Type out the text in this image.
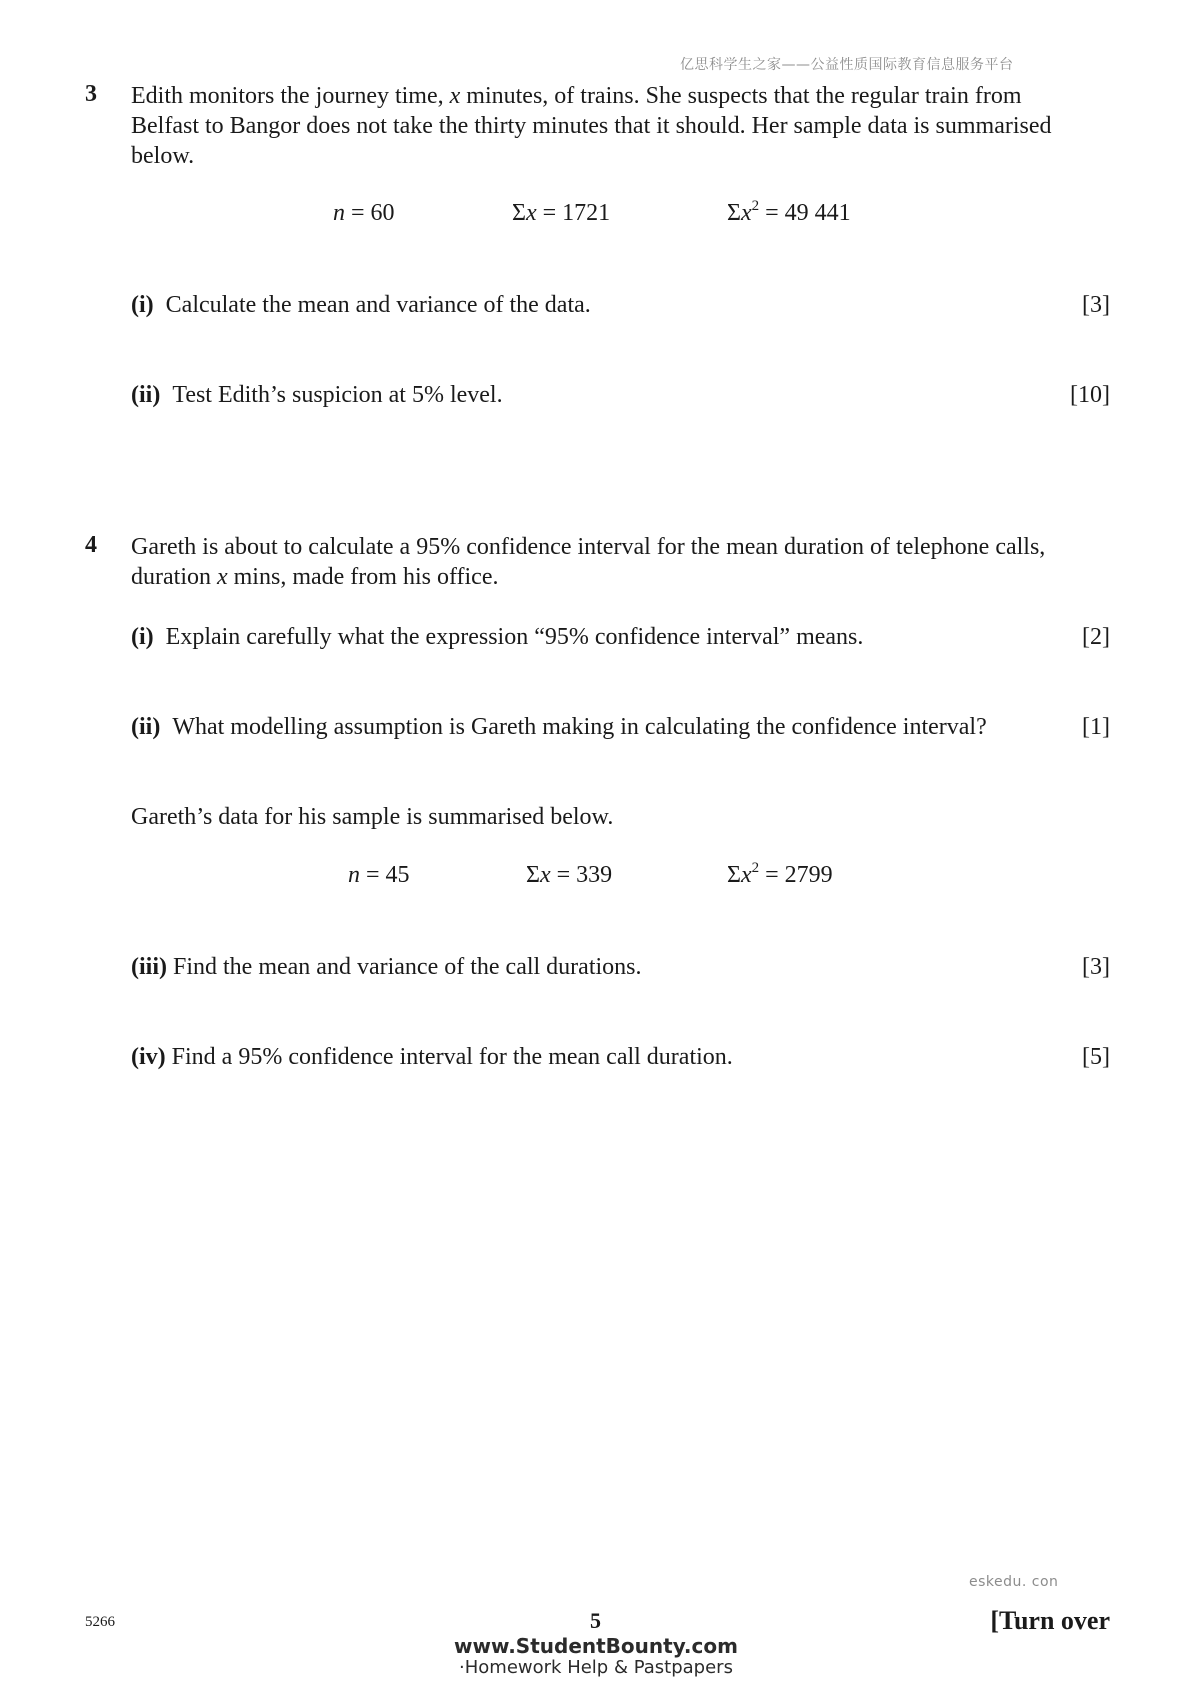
亿思科学生之家——公益性质国际教育信息服务平台
3 Edith monitors the journey time, x minutes, of trains. She suspects that the regular train from Belfast to Bangor does not take the thirty minutes that it should. Her sample data is summarised below.
n = 60	Σx = 1721	$\Sigma x^2 = 49$ 441
(i) Calculate the mean and variance of the data.	[3]
(ii) Test Edith’s suspicion at 5% level.	[10]
4 Gareth is about to calculate a 95% confidence interval for the mean duration of telephone calls, duration x mins, made from his office.
(i) Explain carefully what the expression “95% confidence interval” means.	[2]
(ii) What modelling assumption is Gareth making in calculating the confidence interval?	[1]
Gareth’s data for his sample is summarised below.
n = 45	Σx = 339	$\Sigma x^2 = 2799$
(iii) Find the mean and variance of the call durations.	[3]
(iv) Find a 95% confidence interval for the mean call duration.	[5]
eskedu. con
5266	5	[Turn over
www.StudentBounty.com
·Homework Help & Pastpapers
